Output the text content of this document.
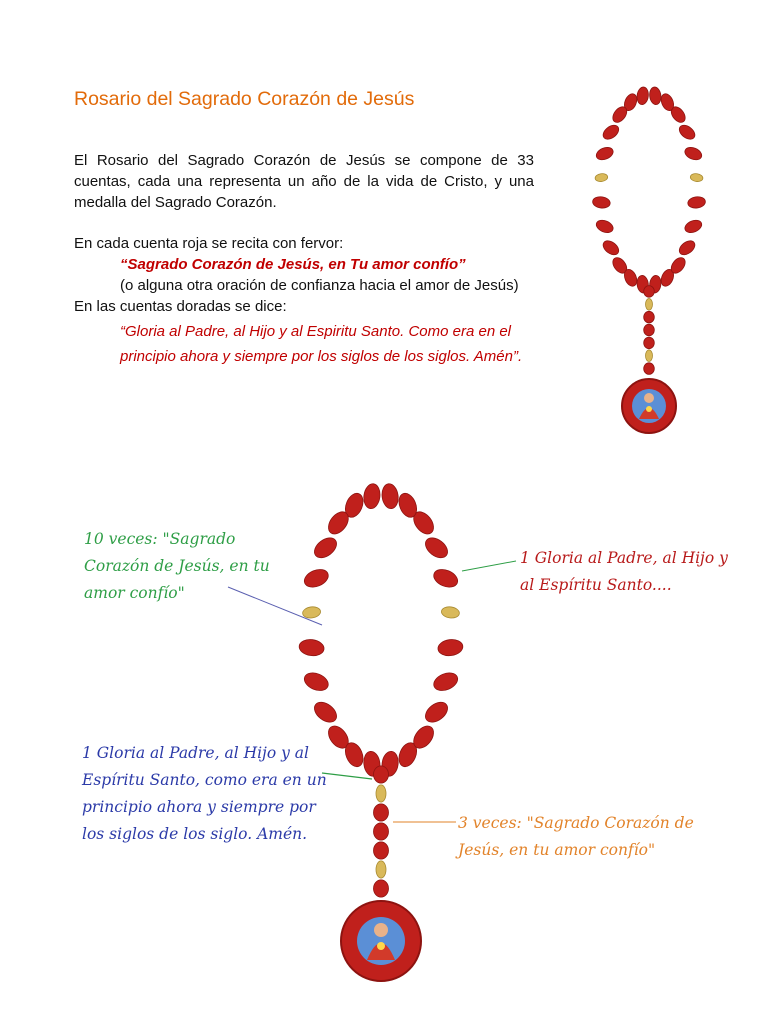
Rosario del Sagrado Corazón de Jesús

El Rosario del Sagrado Corazón de Jesús se compone de 33 cuentas, cada una representa un año de la vida de Cristo, y una medalla del Sagrado Corazón.

En cada cuenta roja se recita con fervor:

“Sagrado Corazón de Jesús, en Tu amor confío”

(o alguna otra oración de confianza hacia el amor de Jesús)

En las cuentas doradas se dice:

“Gloria al Padre, al Hijo y al Espiritu Santo. Como era en el principio ahora y siempre por los siglos de los siglos. Amén”.

10 veces: "Sagrado Corazón de Jesús, en tu amor confío"

1 Gloria al Padre, al Hijo y al Espíritu Santo....

1 Gloria al Padre, al Hijo y al Espíritu Santo, como era en un principio ahora y siempre por los siglos de los siglo. Amén.

3 veces: "Sagrado Corazón de Jesús, en tu amor confío"
